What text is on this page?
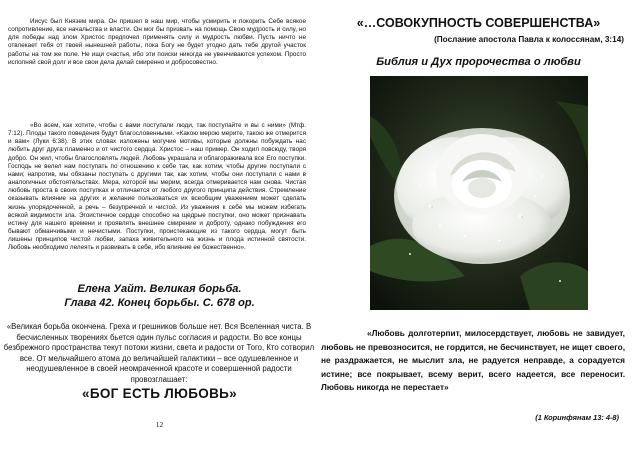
Иисус был Князем мира. Он пришел в наш мир, чтобы усмирить и покорить Себе всякое сопротивление, все начальства и власти. Он мог бы призвать на помощь Свою мудрость и силу, но для победы над злом Христос предпочел применять силу и мудрость любви. Пусть ничто не отвлекает тебя от твоей нынешней работы, пока Богу не будет угодно дать тебе другой участок работы на том же поле. Не ищи счастья, ибо эти поиски никогда не увенчиваются успехом. Просто исполняй свой долг и все свои дела делай смиренно и добросовестно.

«Во всем, как хотите, чтобы с вами поступали люди, так поступайте и вы с ними» (Мтф. 7:12). Плоды такого поведения будут благословенными. «Какою мерою мерите, такою же отмерится и вам» (Луки 6:38). В этих словах изложены могучие мотивы, которые должны побуждать нас любить друг друга пламенно и от чистого сердца. Христос – наш пример. Он ходил повсюду, творя добро. Он жил, чтобы благословлять людей. Любовь украшала и облагораживала все Его поступки. Господь не велел нам поступать по отношению к себе так, как хотим, чтобы другие поступали с нами; напротив, мы обязаны поступать с другими так, как хотим, чтобы они поступали с нами в аналогичных обстоятельствах. Мера, которой мы мерим, всегда отмеривается нам снова. Чистая любовь проста в своих поступках и отличается от любого другого принципа действия. Стремление оказывать влияние на других и желание пользоваться их всеобщим уважением может сделать жизнь упорядоченной, а речь – безупречной и чистой. Из уважения к себе мы можем избегать всякой видимости зла. Эгоистичное сердце способно на щедрые поступки, оно может признавать истину для нашего времени и проявлять внешнее смирение и доброту, однако побуждения его бывают обманчивыми и нечистыми. Поступки, проистекающие из такого сердца, могут быть лишены принципов чистой любви, запаха живительного на жизнь и плода истинной святости. Любовь необходимо лелеять и развивать в себе, ибо влияние ее божественно».

Елена Уайт. Великая борьба.
Глава 42. Конец борьбы. С. 678 ор.
«Великая борьба окончена. Греха и грешников больше нет. Вся Вселенная чиста. В бесчисленных творениях бьется один пульс согласия и радости. Во все концы безбрежного пространства текут потоки жизни, света и радости от Того, Кто сотворил все. От мельчайшего атома до величайшей галактики – все одушевленное и неодушевленное в своей неомраченной красоте и совершенной радости провозглашает:
«БОГ ЕСТЬ ЛЮБОВЬ»
12
«…СОВОКУПНОСТЬ СОВЕРШЕНСТВА»
(Послание апостола Павла к колоссянам, 3:14)
Библия и Дух пророчества о любви
«Любовь долготерпит, милосердствует, любовь не завидует, любовь не превозносится, не гордится, не бесчинствует, не ищет своего, не раздражается, не мыслит зла, не радуется неправде, а сорадуется истине; все покрывает, всему верит, всего надеется, все переносит. Любовь никогда не перестает»
(1 Коринфянам 13: 4-8)
